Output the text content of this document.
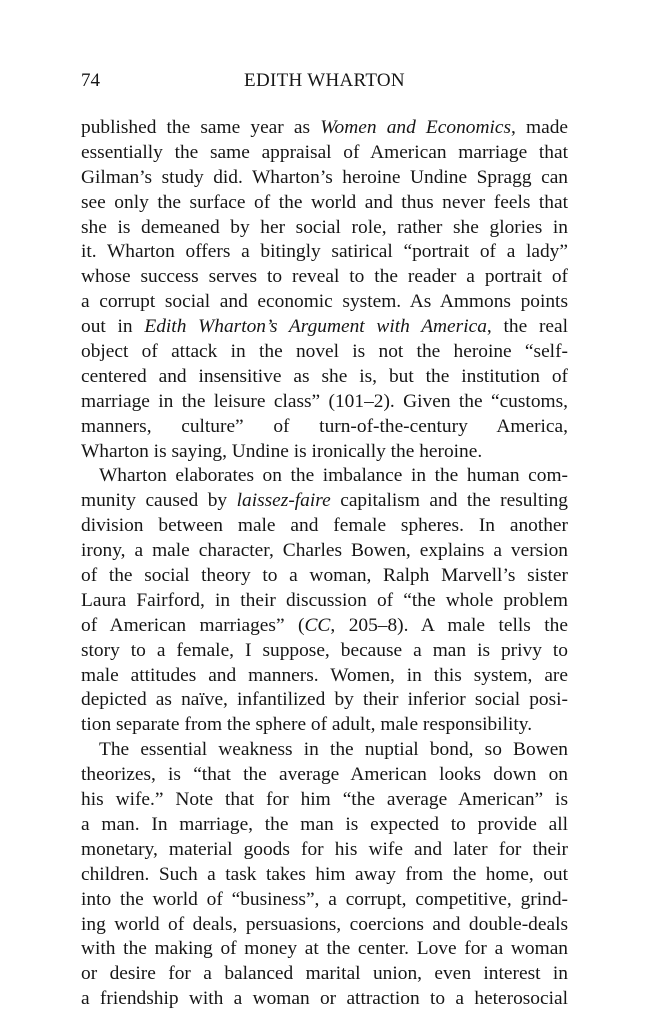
74	EDITH WHARTON
published the same year as Women and Economics, made
essentially the same appraisal of American marriage that
Gilman’s study did. Wharton’s heroine Undine Spragg can
see only the surface of the world and thus never feels that
she is demeaned by her social role, rather she glories in
it. Wharton offers a bitingly satirical “portrait of a lady”
whose success serves to reveal to the reader a portrait of
a corrupt social and economic system. As Ammons points
out in Edith Wharton’s Argument with America, the real
object of attack in the novel is not the heroine “self-
centered and insensitive as she is, but the institution of
marriage in the leisure class” (101–2). Given the “customs,
manners, culture” of turn-of-the-century America,
Wharton is saying, Undine is ironically the heroine.
Wharton elaborates on the imbalance in the human com-
munity caused by laissez-faire capitalism and the resulting
division between male and female spheres. In another
irony, a male character, Charles Bowen, explains a version
of the social theory to a woman, Ralph Marvell’s sister
Laura Fairford, in their discussion of “the whole problem
of American marriages” (CC, 205–8). A male tells the
story to a female, I suppose, because a man is privy to
male attitudes and manners. Women, in this system, are
depicted as naïve, infantilized by their inferior social posi-
tion separate from the sphere of adult, male responsibility.
The essential weakness in the nuptial bond, so Bowen
theorizes, is “that the average American looks down on
his wife.” Note that for him “the average American” is
a man. In marriage, the man is expected to provide all
monetary, material goods for his wife and later for their
children. Such a task takes him away from the home, out
into the world of “business”, a corrupt, competitive, grind-
ing world of deals, persuasions, coercions and double-deals
with the making of money at the center. Love for a woman
or desire for a balanced marital union, even interest in
a friendship with a woman or attraction to a heterosocial
